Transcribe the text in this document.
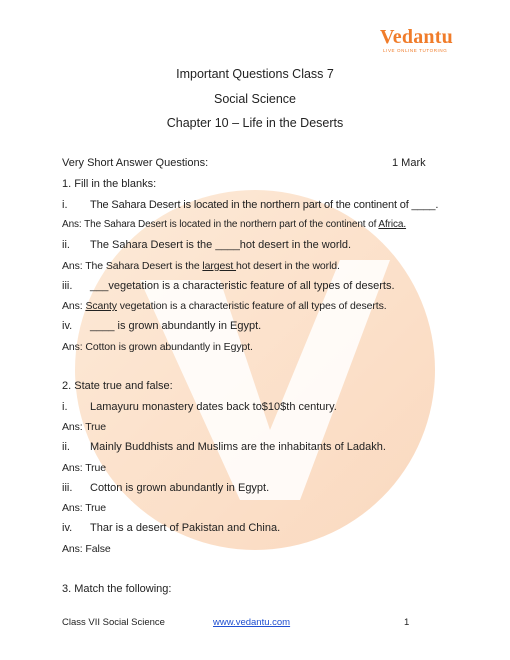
Vedantu
LIVE ONLINE TUTORING
Important Questions Class 7
Social Science
Chapter 10 – Life in the Deserts
Very Short Answer Questions:	1 Mark
1. Fill in the blanks:
i. The Sahara Desert is located in the northern part of the continent of ____.
Ans: The Sahara Desert is located in the northern part of the continent of Africa.
ii. The Sahara Desert is the ____hot desert in the world.
Ans: The Sahara Desert is the largest hot desert in the world.
iii. ___vegetation is a characteristic feature of all types of deserts.
Ans: Scanty vegetation is a characteristic feature of all types of deserts.
iv. ____ is grown abundantly in Egypt.
Ans: Cotton is grown abundantly in Egypt.
2. State true and false:
i. Lamayuru monastery dates back to$10$th century.
Ans: True
ii. Mainly Buddhists and Muslims are the inhabitants of Ladakh.
Ans: True
iii. Cotton is grown abundantly in Egypt.
Ans: True
iv. Thar is a desert of Pakistan and China.
Ans: False
3. Match the following:
Class VII Social Science	www.vedantu.com	1
